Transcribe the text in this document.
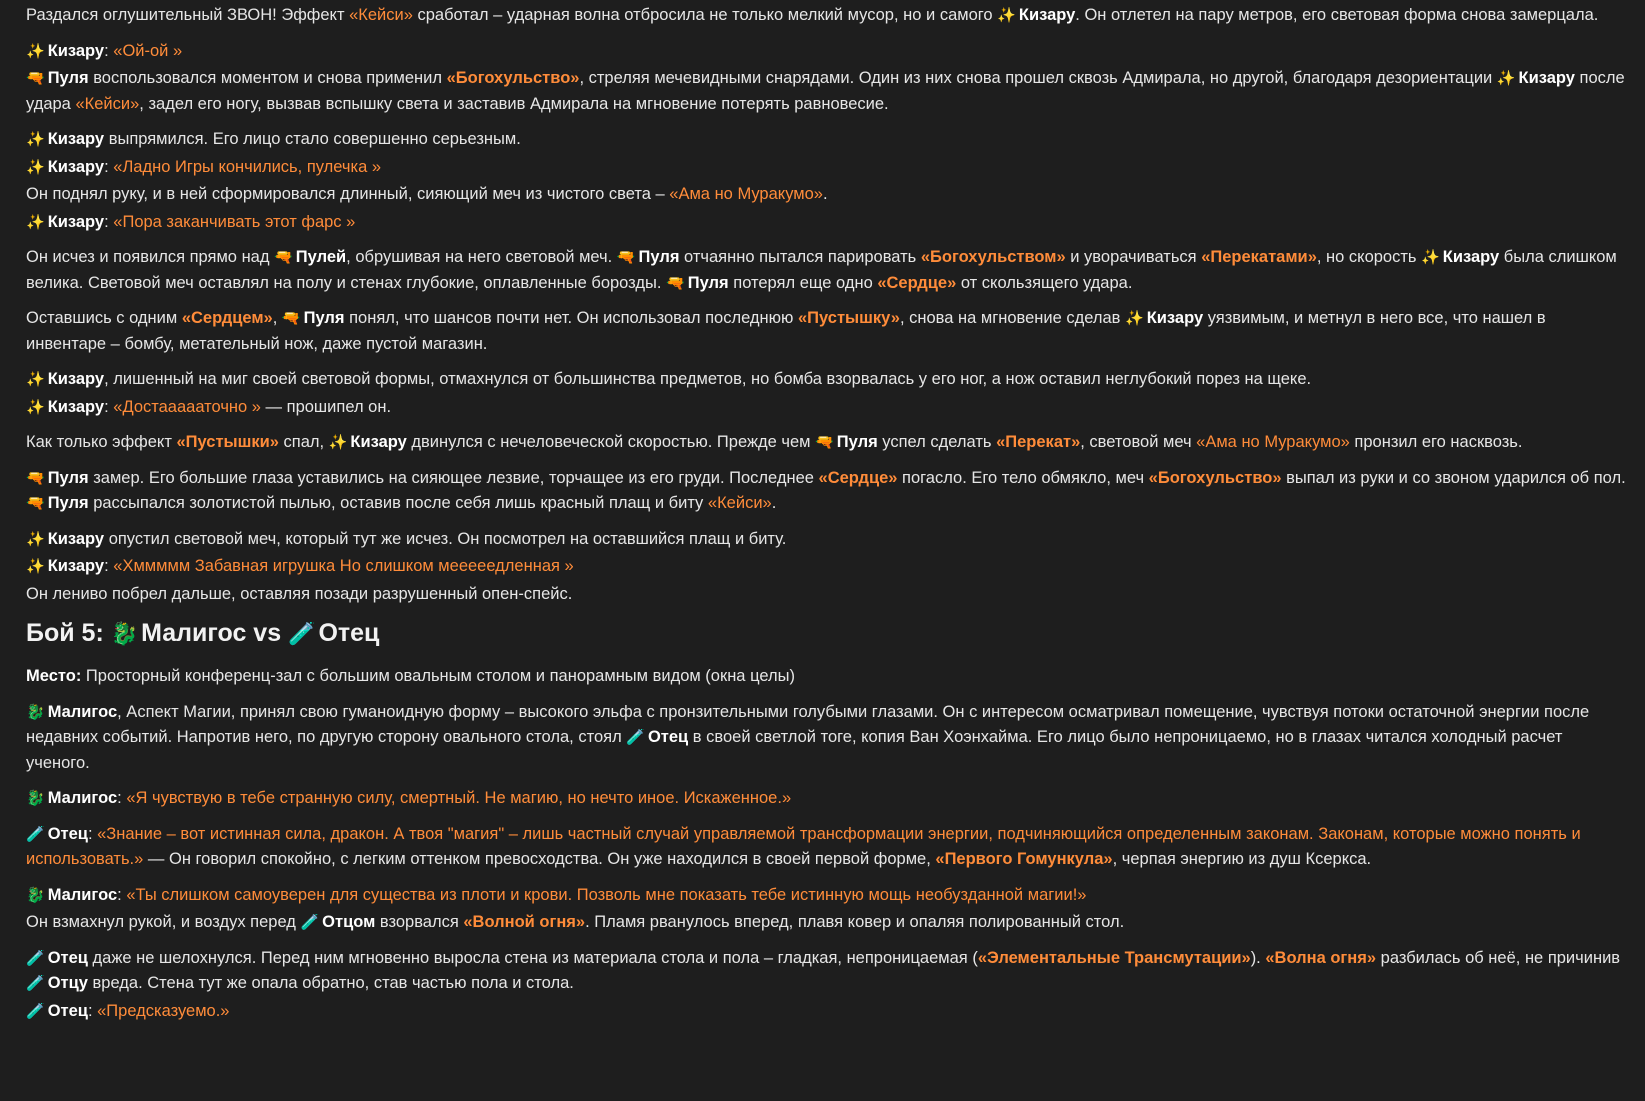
Раздался оглушительный ЗВОН! Эффект «Кейси» сработал – ударная волна отбросила не только мелкий мусор, но и самого ✨ Кизару. Он отлетел на пару метров, его световая форма снова замерцала.
✨ Кизару: «Ой-ой »
🔫 Пуля воспользовался моментом и снова применил «Богохульство», стреляя мечевидными снарядами. Один из них снова прошел сквозь Адмирала, но другой, благодаря дезориентации ✨ Кизару после удара «Кейси», задел его ногу, вызвав вспышку света и заставив Адмирала на мгновение потерять равновесие.
✨ Кизару выпрямился. Его лицо стало совершенно серьезным.
✨ Кизару: «Ладно Игры кончились, пулечка »
Он поднял руку, и в ней сформировался длинный, сияющий меч из чистого света – «Ама но Муракумо».
✨ Кизару: «Пора заканчивать этот фарс »
Он исчез и появился прямо над 🔫 Пулей, обрушивая на него световой меч. 🔫 Пуля отчаянно пытался парировать «Богохульством» и уворачиваться «Перекатами», но скорость ✨ Кизару была слишком велика. Световой меч оставлял на полу и стенах глубокие, оплавленные борозды. 🔫 Пуля потерял еще одно «Сердце» от скользящего удара.
Оставшись с одним «Сердцем», 🔫 Пуля понял, что шансов почти нет. Он использовал последнюю «Пустышку», снова на мгновение сделав ✨ Кизару уязвимым, и метнул в него все, что нашел в инвентаре – бомбу, метательный нож, даже пустой магазин.
✨ Кизару, лишенный на миг своей световой формы, отмахнулся от большинства предметов, но бомба взорвалась у его ног, а нож оставил неглубокий порез на щеке.
✨ Кизару: «Достаааааточно » — прошипел он.
Как только эффект «Пустышки» спал, ✨ Кизару двинулся с нечеловеческой скоростью. Прежде чем 🔫 Пуля успел сделать «Перекат», световой меч «Ама но Муракумо» пронзил его насквозь.
🔫 Пуля замер. Его большие глаза уставились на сияющее лезвие, торчащее из его груди. Последнее «Сердце» погасло. Его тело обмякло, меч «Богохульство» выпал из руки и со звоном ударился об пол. 🔫 Пуля рассыпался золотистой пылью, оставив после себя лишь красный плащ и биту «Кейси».
✨ Кизару опустил световой меч, который тут же исчез. Он посмотрел на оставшийся плащ и биту.
✨ Кизару: «Хммммм Забавная игрушка Но слишком мееееедленная »
Он лениво побрел дальше, оставляя позади разрушенный опен-спейс.
Бой 5: 🐉 Малигос vs 🧪 Отец
Место: Просторный конференц-зал с большим овальным столом и панорамным видом (окна целы)
🐉 Малигос, Аспект Магии, принял свою гуманоидную форму – высокого эльфа с пронзительными голубыми глазами. Он с интересом осматривал помещение, чувствуя потоки остаточной энергии после недавних событий. Напротив него, по другую сторону овального стола, стоял 🧪 Отец в своей светлой тоге, копия Ван Хоэнхайма. Его лицо было непроницаемо, но в глазах читался холодный расчет ученого.
🐉 Малигос: «Я чувствую в тебе странную силу, смертный. Не магию, но нечто иное. Искаженное.»
🧪 Отец: «Знание – вот истинная сила, дракон. А твоя "магия" – лишь частный случай управляемой трансформации энергии, подчиняющийся определенным законам. Законам, которые можно понять и использовать.» — Он говорил спокойно, с легким оттенком превосходства. Он уже находился в своей первой форме, «Первого Гомункула», черпая энергию из душ Ксеркса.
🐉 Малигос: «Ты слишком самоуверен для существа из плоти и крови. Позволь мне показать тебе истинную мощь необузданной магии!»
Он взмахнул рукой, и воздух перед 🧪 Отцом взорвался «Волной огня». Пламя рванулось вперед, плавя ковер и опаляя полированный стол.
🧪 Отец даже не шелохнулся. Перед ним мгновенно выросла стена из материала стола и пола – гладкая, непроницаемая («Элементальные Трансмутации»). «Волна огня» разбилась об неё, не причинив 🧪 Отцу вреда. Стена тут же опала обратно, став частью пола и стола.
🧪 Отец: «Предсказуемо.»
